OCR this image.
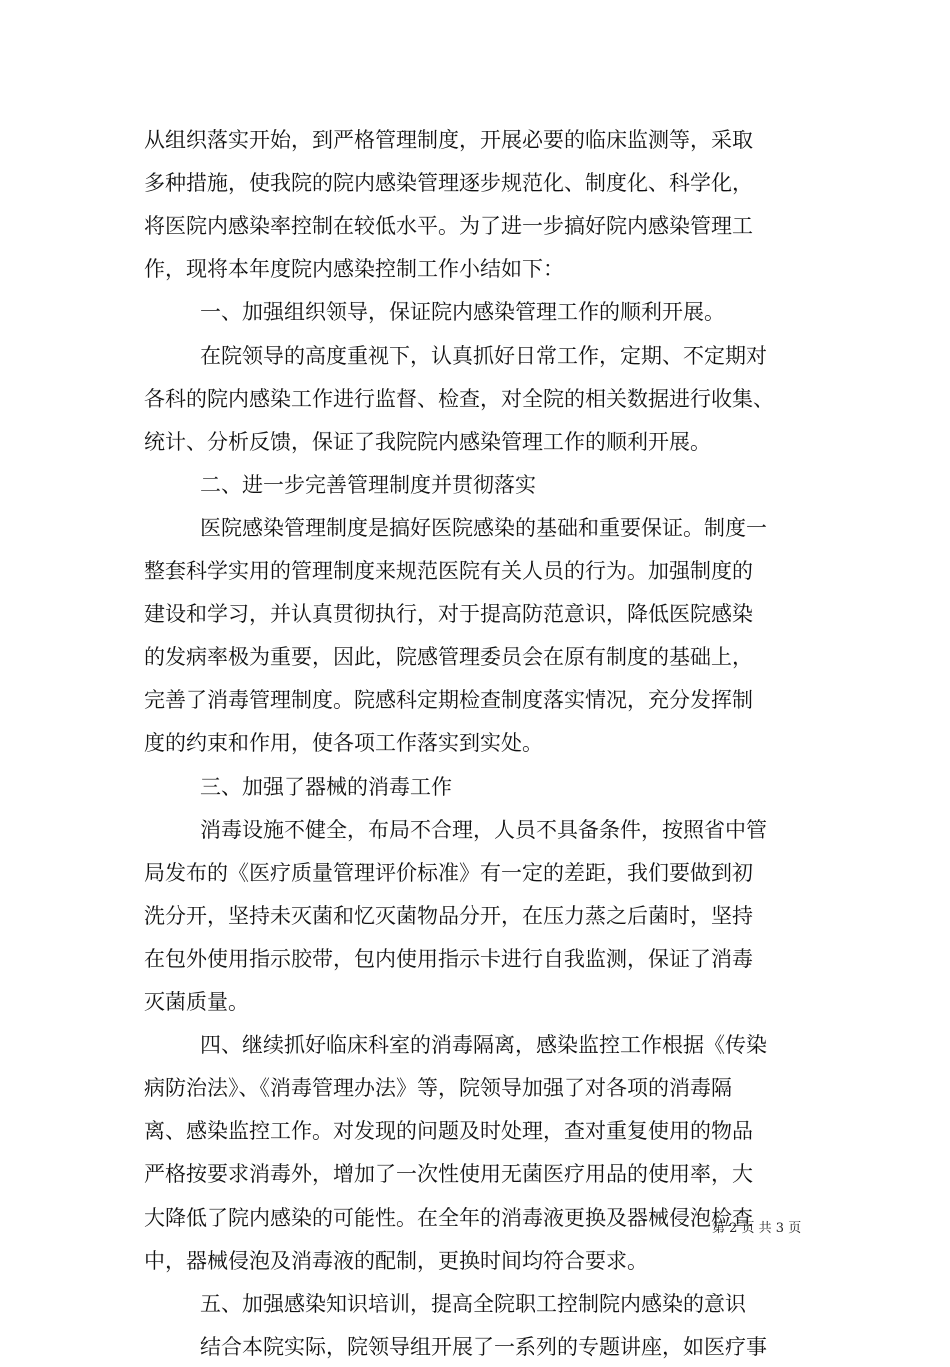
从组织落实开始，到严格管理制度，开展必要的临床监测等，采取
多种措施，使我院的院内感染管理逐步规范化、制度化、科学化，
将医院内感染率控制在较低水平。为了进一步搞好院内感染管理工
作，现将本年度院内感染控制工作小结如下：
一、加强组织领导，保证院内感染管理工作的顺利开展。
在院领导的高度重视下，认真抓好日常工作，定期、不定期对
各科的院内感染工作进行监督、检查，对全院的相关数据进行收集、
统计、分析反馈，保证了我院院内感染管理工作的顺利开展。
二、进一步完善管理制度并贯彻落实
医院感染管理制度是搞好医院感染的基础和重要保证。制度一
整套科学实用的管理制度来规范医院有关人员的行为。加强制度的
建设和学习，并认真贯彻执行，对于提高防范意识，降低医院感染
的发病率极为重要，因此，院感管理委员会在原有制度的基础上，
完善了消毒管理制度。院感科定期检查制度落实情况，充分发挥制
度的约束和作用，使各项工作落实到实处。
三、加强了器械的消毒工作
消毒设施不健全，布局不合理，人员不具备条件，按照省中管
局发布的《医疗质量管理评价标准》有一定的差距，我们要做到初
洗分开，坚持未灭菌和忆灭菌物品分开，在压力蒸之后菌时，坚持
在包外使用指示胶带，包内使用指示卡进行自我监测，保证了消毒
灭菌质量。
四、继续抓好临床科室的消毒隔离，感染监控工作根据《传染
病防治法》、《消毒管理办法》等，院领导加强了对各项的消毒隔
离、感染监控工作。对发现的问题及时处理，查对重复使用的物品
严格按要求消毒外，增加了一次性使用无菌医疗用品的使用率，大
大降低了院内感染的可能性。在全年的消毒液更换及器械侵泡检查
中，器械侵泡及消毒液的配制，更换时间均符合要求。
五、加强感染知识培训，提高全院职工控制院内感染的意识
结合本院实际，院领导组开展了一系列的专题讲座，如医疗事
第 2 页 共 3 页
